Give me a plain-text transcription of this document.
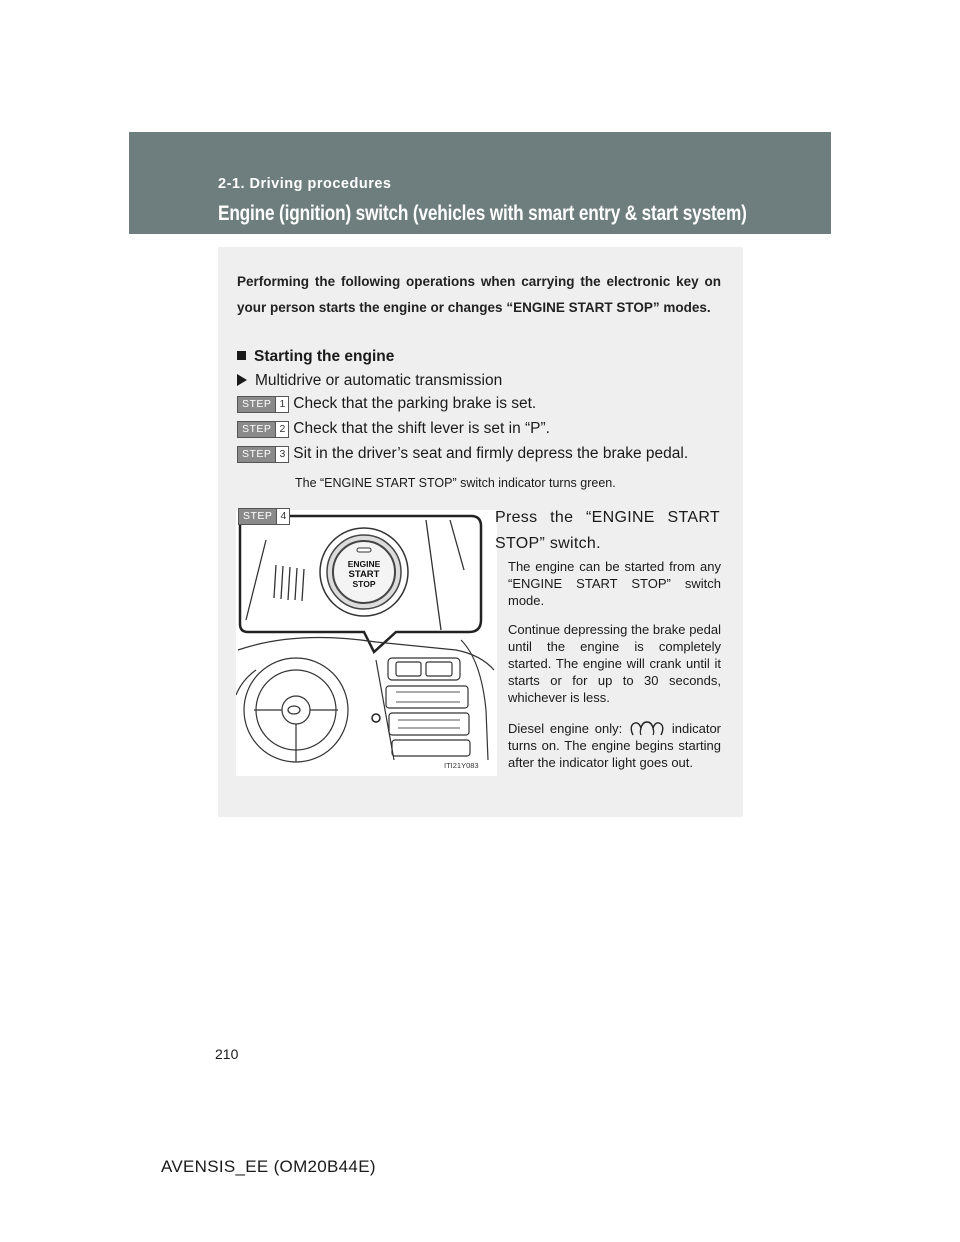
2-1. Driving procedures
Engine (ignition) switch (vehicles with smart entry & start system)
Performing the following operations when carrying the electronic key on your person starts the engine or changes “ENGINE START STOP” modes.
Starting the engine
Multidrive or automatic transmission
STEP 1 Check that the parking brake is set.
STEP 2 Check that the shift lever is set in “P”.
STEP 3 Sit in the driver’s seat and firmly depress the brake pedal.
The “ENGINE START STOP” switch indicator turns green.
ENGINE
START
STOP
ITI21Y083
STEP 4	Press the “ENGINE START STOP” switch.
The engine can be started from any “ENGINE START STOP” switch mode.
Continue depressing the brake pedal until the engine is completely started. The engine will crank until it starts or for up to 30 seconds, whichever is less.
Diesel engine only:	indicator turns on. The engine begins starting after the indicator light goes out.
210
AVENSIS_EE (OM20B44E)
